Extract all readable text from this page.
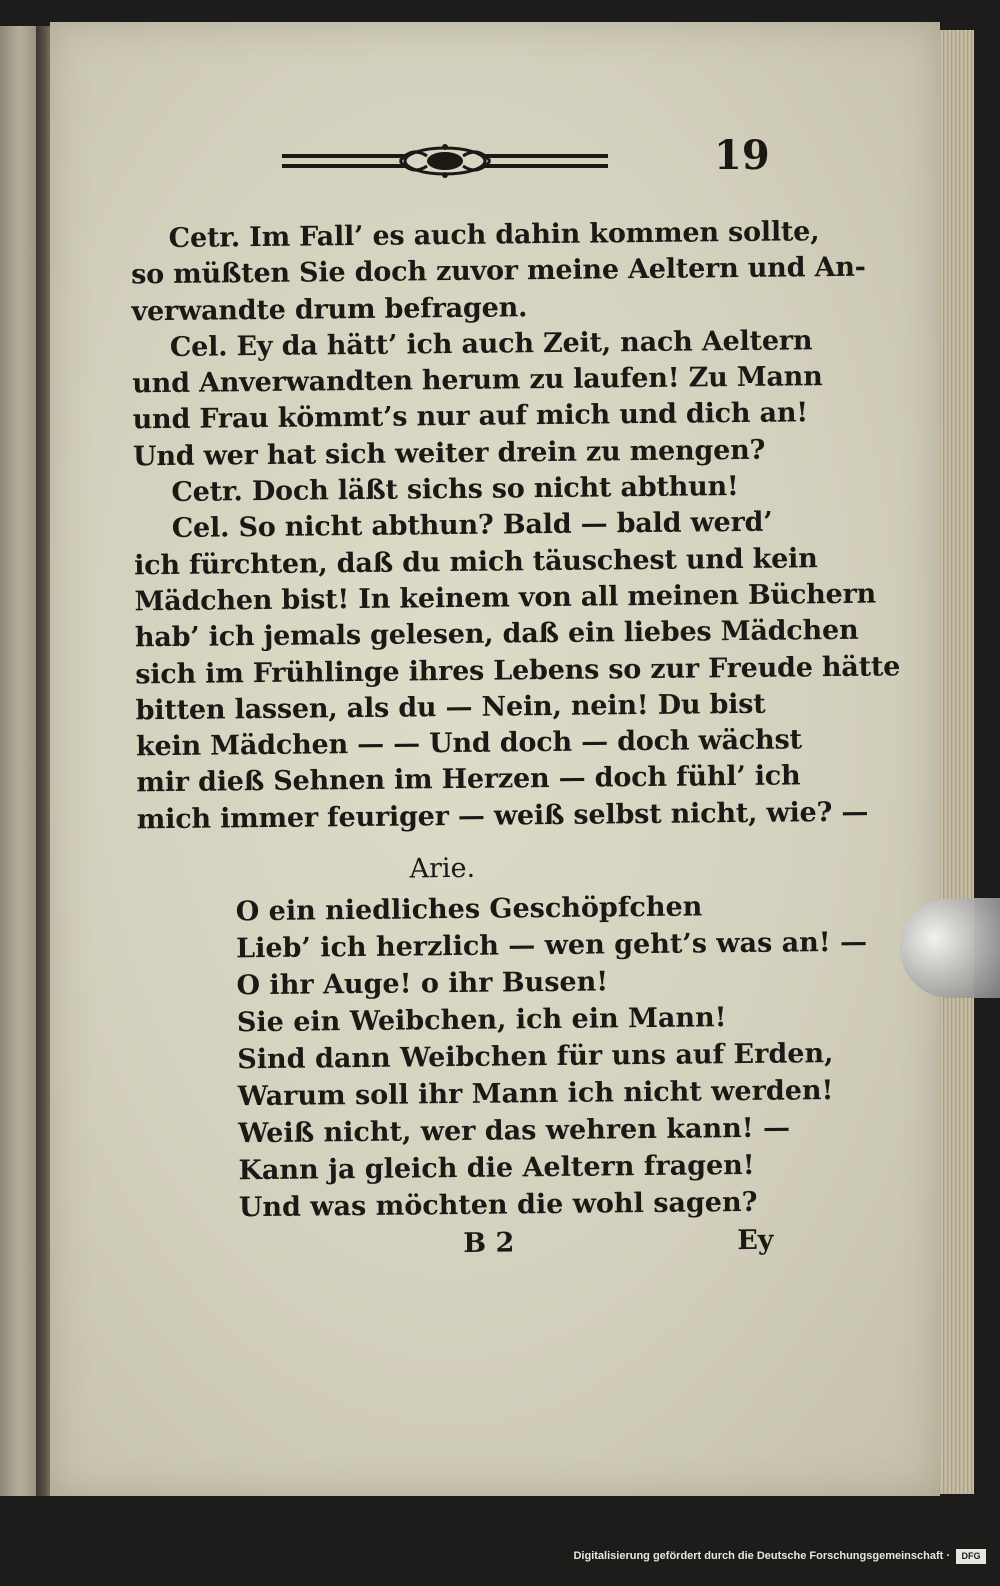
19
Cetr. Im Fall’ es auch dahin kommen sollte,
so müßten Sie doch zuvor meine Aeltern und An-
verwandte drum befragen.
Cel. Ey da hätt’ ich auch Zeit, nach Aeltern
und Anverwandten herum zu laufen! Zu Mann
und Frau kömmt’s nur auf mich und dich an!
Und wer hat sich weiter drein zu mengen?
Cetr. Doch läßt sichs so nicht abthun!
Cel. So nicht abthun? Bald — bald werd’
ich fürchten, daß du mich täuschest und kein
Mädchen bist! In keinem von all meinen Büchern
hab’ ich jemals gelesen, daß ein liebes Mädchen
sich im Frühlinge ihres Lebens so zur Freude hätte
bitten lassen, als du — Nein, nein! Du bist
kein Mädchen — — Und doch — doch wächst
mir dieß Sehnen im Herzen — doch fühl’ ich
mich immer feuriger — weiß selbst nicht, wie? —
Arie.
O ein niedliches Geschöpfchen
Lieb’ ich herzlich — wen geht’s was an! —
O ihr Auge! o ihr Busen!
Sie ein Weibchen, ich ein Mann!
Sind dann Weibchen für uns auf Erden,
Warum soll ihr Mann ich nicht werden!
Weiß nicht, wer das wehren kann! —
Kann ja gleich die Aeltern fragen!
Und was möchten die wohl sagen?
B 2	Ey
Digitalisierung gefördert durch die Deutsche Forschungsgemeinschaft ·	DFG
